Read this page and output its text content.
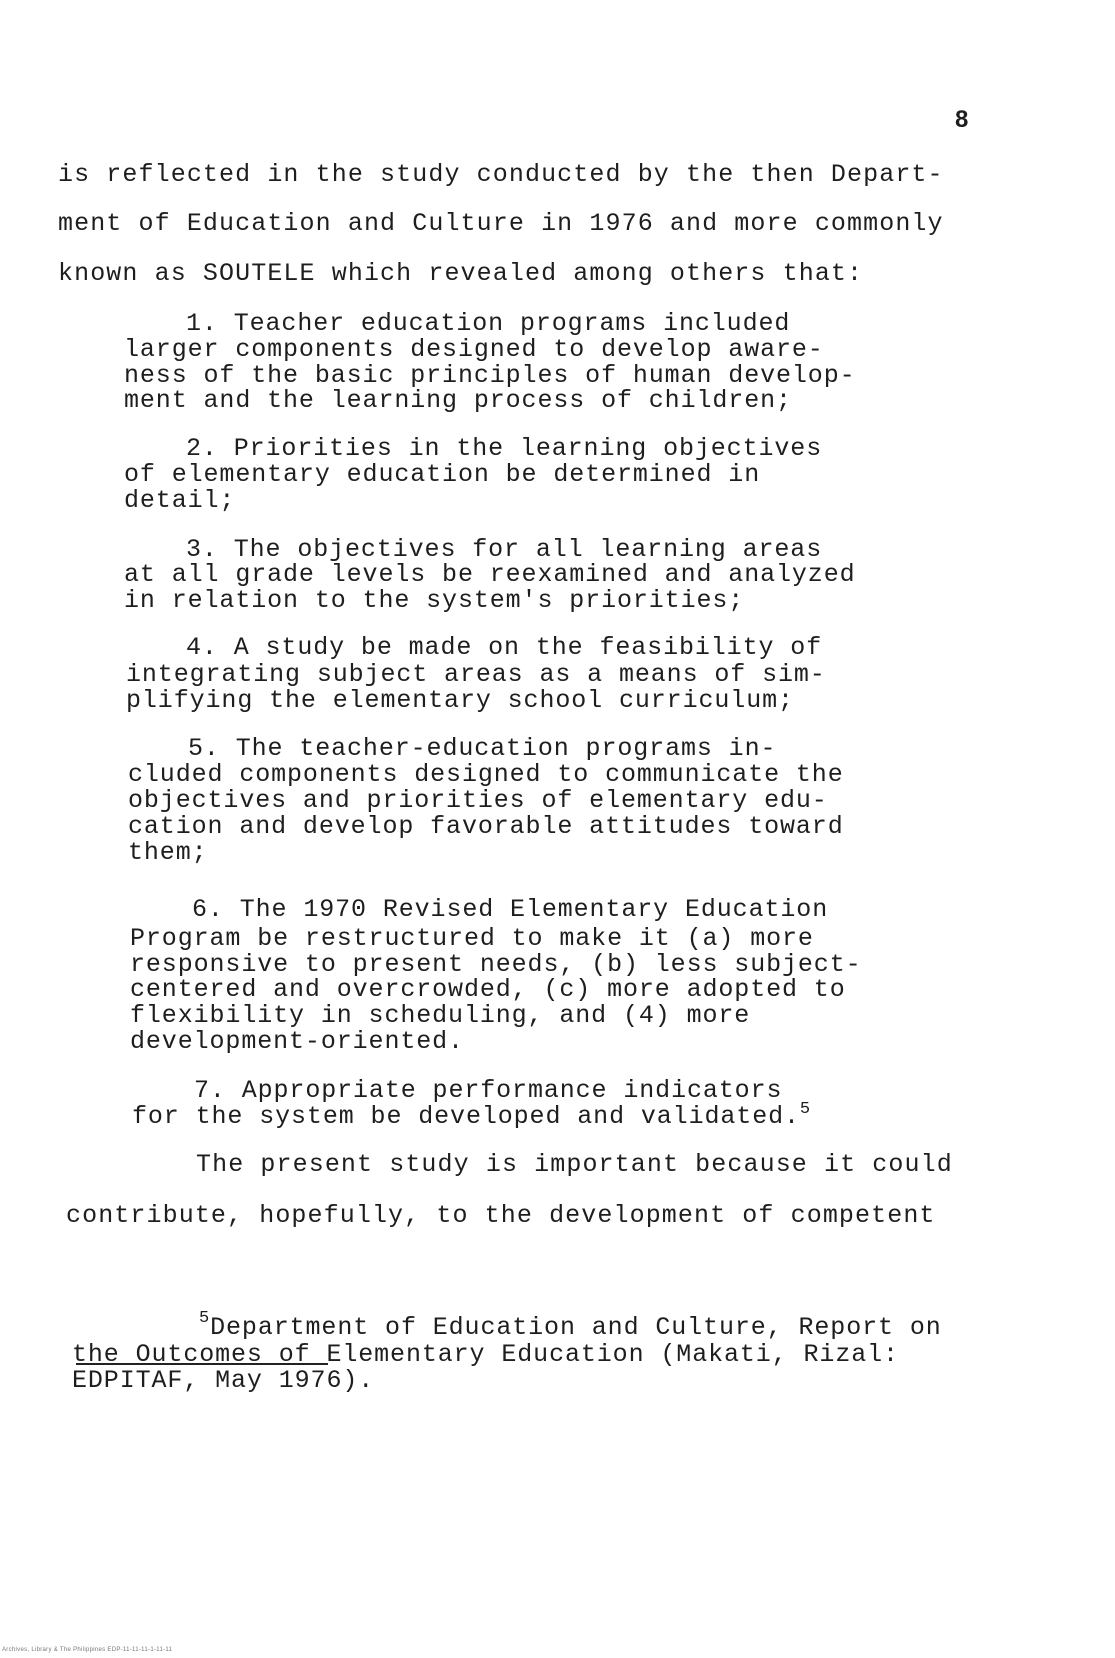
8
is reflected in the study conducted by the then Depart-
ment of Education and Culture in 1976 and more commonly
known as SOUTELE which revealed among others that:
1. Teacher education programs included
larger components designed to develop aware-
ness of the basic principles of human develop-
ment and the learning process of children;
2. Priorities in the learning objectives
of elementary education be determined in
detail;
3. The objectives for all learning areas
at all grade levels be reexamined and analyzed
in relation to the system's priorities;
4. A study be made on the feasibility of
integrating subject areas as a means of sim-
plifying the elementary school curriculum;
5. The teacher-education programs in-
cluded components designed to communicate the
objectives and priorities of elementary edu-
cation and develop favorable attitudes toward
them;
6. The 1970 Revised Elementary Education
Program be restructured to make it (a) more
responsive to present needs, (b) less subject-
centered and overcrowded, (c) more adopted to
flexibility in scheduling, and (4) more
development-oriented.
7. Appropriate performance indicators
for the system be developed and validated.$^5$
The present study is important because it could
contribute, hopefully, to the development of competent
$^5$Department of Education and Culture, Report on
the Outcomes of Elementary Education (Makati, Rizal:
EDPITAF, May 1976).
Archives, Library & The Philippines EDP-11-11-11-1-11-11
